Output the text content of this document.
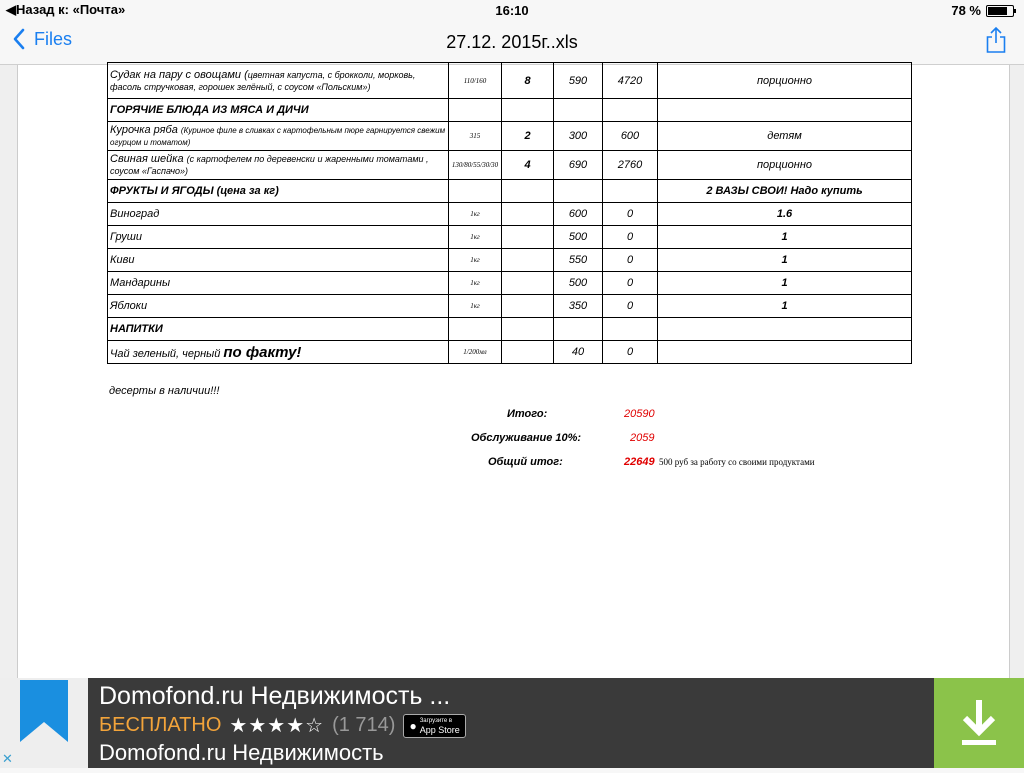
◀Назад к: «Почта»	16:10	78 %
Files	27.12. 2015г..xls
Судак на пару с овощами (цветная капуста, с брокколи, морковь, фасоль стручковая, горошек зелёный, с соусом «Польским»)	110/160	8	590	4720	порционно
ГОРЯЧИЕ БЛЮДА ИЗ МЯСА И ДИЧИ					
Курочка ряба (Куриное филе в сливках с картофельным пюре гарнируется свежим огурцом и томатом)	315	2	300	600	детям
Свиная шейка (с картофелем по деревенски и жаренными томатами , соусом «Гаспачо»)	130/80/55/30/30	4	690	2760	порционно
ФРУКТЫ И ЯГОДЫ (цена за кг)					2 ВАЗЫ СВОИ! Надо купить
Виноград	1кг		600	0	1.6
Груши	1кг		500	0	1
Киви	1кг		550	0	1
Мандарины	1кг		500	0	1
Яблоки	1кг		350	0	1
НАПИТКИ					
Чай зеленый, черный по факту!	1/200мл		40	0	
десерты в наличии!!!
Итого:	20590
Обслуживание 10%:	2059
Общий итог:	22649 500 руб за работу со своими продуктами
Domofond.ru Недвижимость ...
БЕСПЛАТНО ★★★★☆ (1 714) ● Загрузите в
App Store
Domofond.ru Недвижимость
✕
